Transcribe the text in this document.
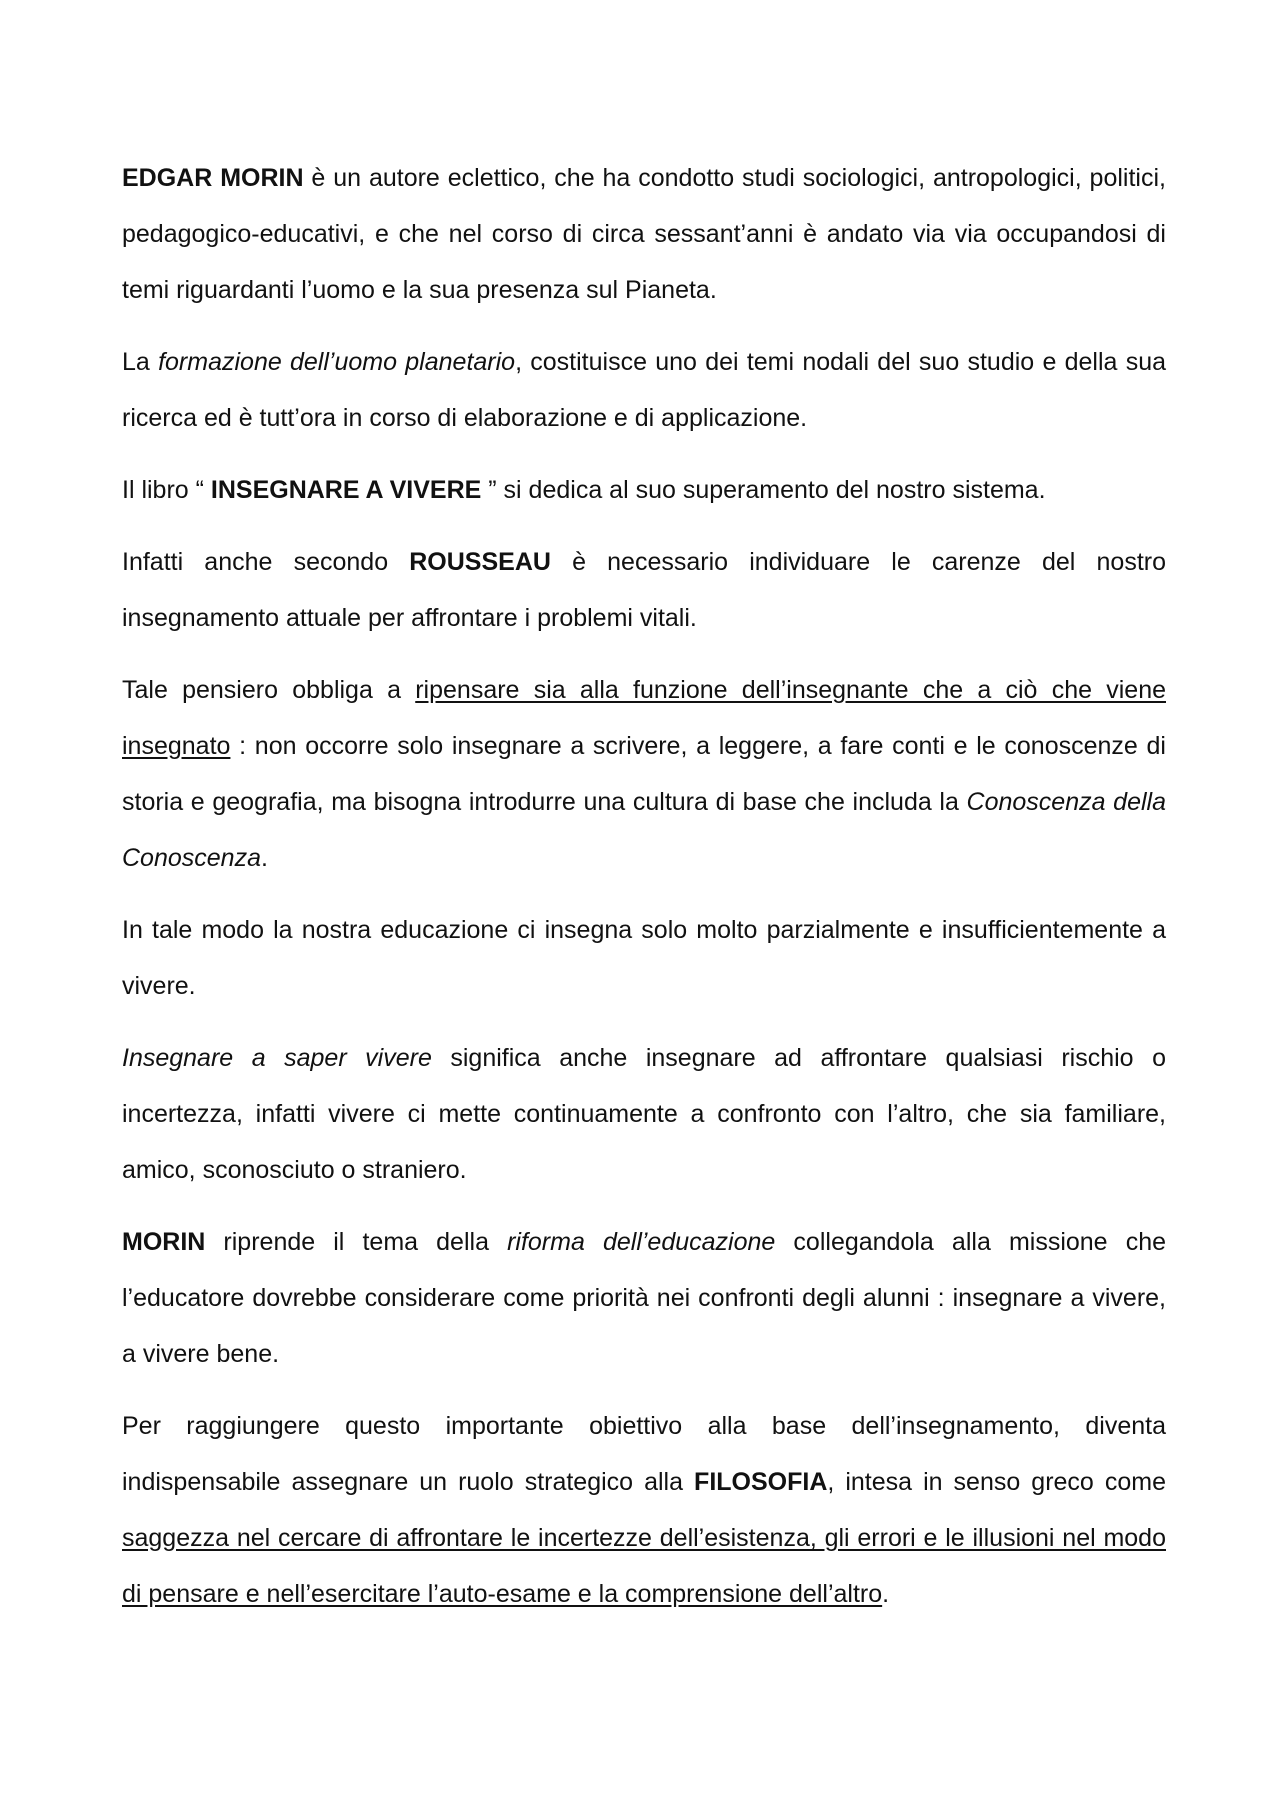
EDGAR MORIN è un autore eclettico, che ha condotto studi sociologici, antropologici, politici, pedagogico-educativi, e che nel corso di circa sessant’anni è andato via via occupandosi di temi riguardanti l’uomo e la sua presenza sul Pianeta.

La formazione dell’uomo planetario, costituisce uno dei temi nodali del suo studio e della sua ricerca ed è tutt’ora in corso di elaborazione e di applicazione.

Il libro “ INSEGNARE A VIVERE ” si dedica al suo superamento del nostro sistema.

Infatti anche secondo ROUSSEAU è necessario individuare le carenze del nostro insegnamento attuale per affrontare i problemi vitali.

Tale pensiero obbliga a ripensare sia alla funzione dell’insegnante che a ciò che viene insegnato : non occorre solo insegnare a scrivere, a leggere, a fare conti e le conoscenze di storia e geografia, ma bisogna introdurre una cultura di base che includa la Conoscenza della Conoscenza.

In tale modo la nostra educazione ci insegna solo molto parzialmente e insufficientemente a vivere.

Insegnare a saper vivere significa anche insegnare ad affrontare qualsiasi rischio o incertezza, infatti vivere ci mette continuamente a confronto con l’altro, che sia familiare, amico, sconosciuto o straniero.

MORIN riprende il tema della riforma dell’educazione collegandola alla missione che l’educatore dovrebbe considerare come priorità nei confronti degli alunni : insegnare a vivere, a vivere bene.

Per raggiungere questo importante obiettivo alla base dell’insegnamento, diventa indispensabile assegnare un ruolo strategico alla FILOSOFIA, intesa in senso greco come saggezza nel cercare di affrontare le incertezze dell’esistenza, gli errori e le illusioni nel modo di pensare e nell’esercitare l’auto-esame e la comprensione dell’altro.
